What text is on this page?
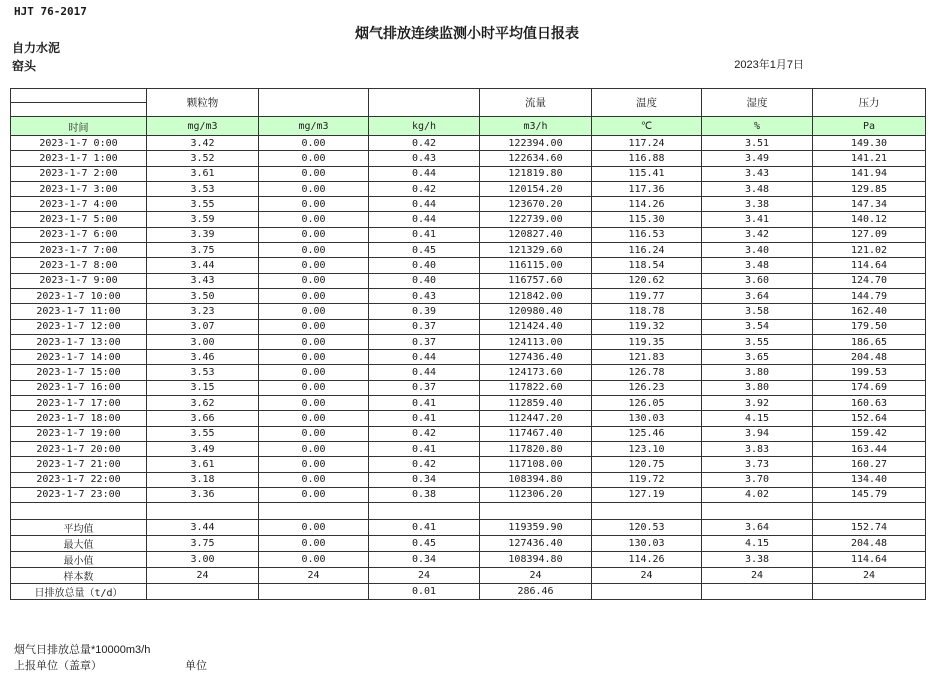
HJT 76-2017
烟气排放连续监测小时平均值日报表
自力水泥
窑头	2023年1月7日
	颗粒物			流量	温度	湿度	压力

时间	mg/m3	mg/m3	kg/h	m3/h	℃	%	Pa
2023-1-7 0:00	3.42	0.00	0.42	122394.00	117.24	3.51	149.30
2023-1-7 1:00	3.52	0.00	0.43	122634.60	116.88	3.49	141.21
2023-1-7 2:00	3.61	0.00	0.44	121819.80	115.41	3.43	141.94
2023-1-7 3:00	3.53	0.00	0.42	120154.20	117.36	3.48	129.85
2023-1-7 4:00	3.55	0.00	0.44	123670.20	114.26	3.38	147.34
2023-1-7 5:00	3.59	0.00	0.44	122739.00	115.30	3.41	140.12
2023-1-7 6:00	3.39	0.00	0.41	120827.40	116.53	3.42	127.09
2023-1-7 7:00	3.75	0.00	0.45	121329.60	116.24	3.40	121.02
2023-1-7 8:00	3.44	0.00	0.40	116115.00	118.54	3.48	114.64
2023-1-7 9:00	3.43	0.00	0.40	116757.60	120.62	3.60	124.70
2023-1-7 10:00	3.50	0.00	0.43	121842.00	119.77	3.64	144.79
2023-1-7 11:00	3.23	0.00	0.39	120980.40	118.78	3.58	162.40
2023-1-7 12:00	3.07	0.00	0.37	121424.40	119.32	3.54	179.50
2023-1-7 13:00	3.00	0.00	0.37	124113.00	119.35	3.55	186.65
2023-1-7 14:00	3.46	0.00	0.44	127436.40	121.83	3.65	204.48
2023-1-7 15:00	3.53	0.00	0.44	124173.60	126.78	3.80	199.53
2023-1-7 16:00	3.15	0.00	0.37	117822.60	126.23	3.80	174.69
2023-1-7 17:00	3.62	0.00	0.41	112859.40	126.05	3.92	160.63
2023-1-7 18:00	3.66	0.00	0.41	112447.20	130.03	4.15	152.64
2023-1-7 19:00	3.55	0.00	0.42	117467.40	125.46	3.94	159.42
2023-1-7 20:00	3.49	0.00	0.41	117820.80	123.10	3.83	163.44
2023-1-7 21:00	3.61	0.00	0.42	117108.00	120.75	3.73	160.27
2023-1-7 22:00	3.18	0.00	0.34	108394.80	119.72	3.70	134.40
2023-1-7 23:00	3.36	0.00	0.38	112306.20	127.19	4.02	145.79

平均值	3.44	0.00	0.41	119359.90	120.53	3.64	152.74
最大值	3.75	0.00	0.45	127436.40	130.03	4.15	204.48
最小值	3.00	0.00	0.34	108394.80	114.26	3.38	114.64
样本数	24	24	24	24	24	24	24
日排放总量（t/d）			0.01	286.46			
烟气日排放总量*10000m3/h
上报单位（盖章）	单位
